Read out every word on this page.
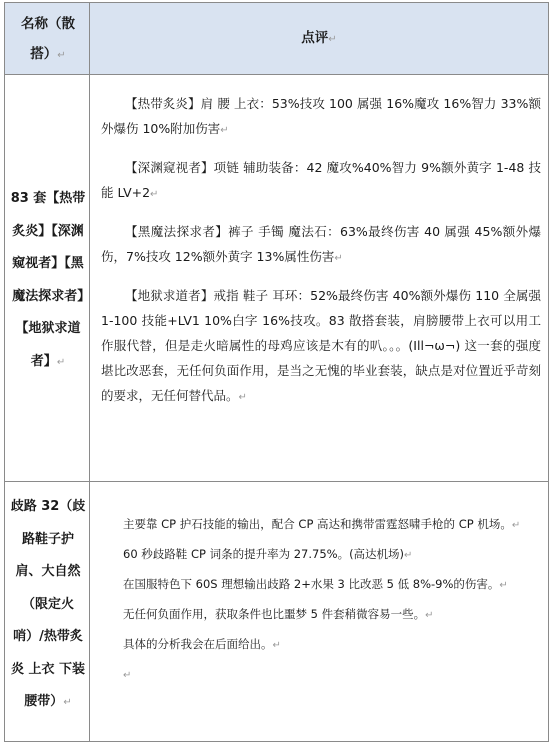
名称（散搭）↵
点评↵
83 套【热带炙炎】【深渊窥视者】【黑魔法探求者】【地狱求道者】↵

【热带炙炎】肩 腰 上衣：53%技攻 100 属强 16%魔攻 16%智力 33%额外爆伤 10%附加伤害↵

【深渊窥视者】项链 辅助装备：42 魔攻%40%智力 9%额外黄字 1-48 技能 LV+2↵

【黑魔法探求者】裤子 手镯 魔法石：63%最终伤害 40 属强 45%额外爆伤，7%技攻 12%额外黄字 13%属性伤害↵

【地狱求道者】戒指 鞋子 耳环：52%最终伤害 40%额外爆伤 110 全属强 1-100 技能+LV1 10%白字 16%技攻。83 散搭套装，肩膀腰带上衣可以用工作服代替，但是走火暗属性的母鸡应该是木有的叭。。。(Ill¬ω¬) 这一套的强度堪比改恶套，无任何负面作用，是当之无愧的毕业套装，缺点是对位置近乎苛刻的要求，无任何替代品。↵

歧路 32（歧路鞋子护肩、大自然（限定火哨）/热带炙炎 上衣 下装 腰带）↵

主要靠 CP 护石技能的输出，配合 CP 高达和携带雷霆怒啸手枪的 CP 机场。↵

60 秒歧路鞋 CP 词条的提升率为 27.75%。(高达机场)↵

在国服特色下 60S 理想输出歧路 2+水果 3 比改恶 5 低 8%-9%的伤害。↵

无任何负面作用，获取条件也比噩梦 5 件套稍微容易一些。↵

具体的分析我会在后面给出。↵

↵
